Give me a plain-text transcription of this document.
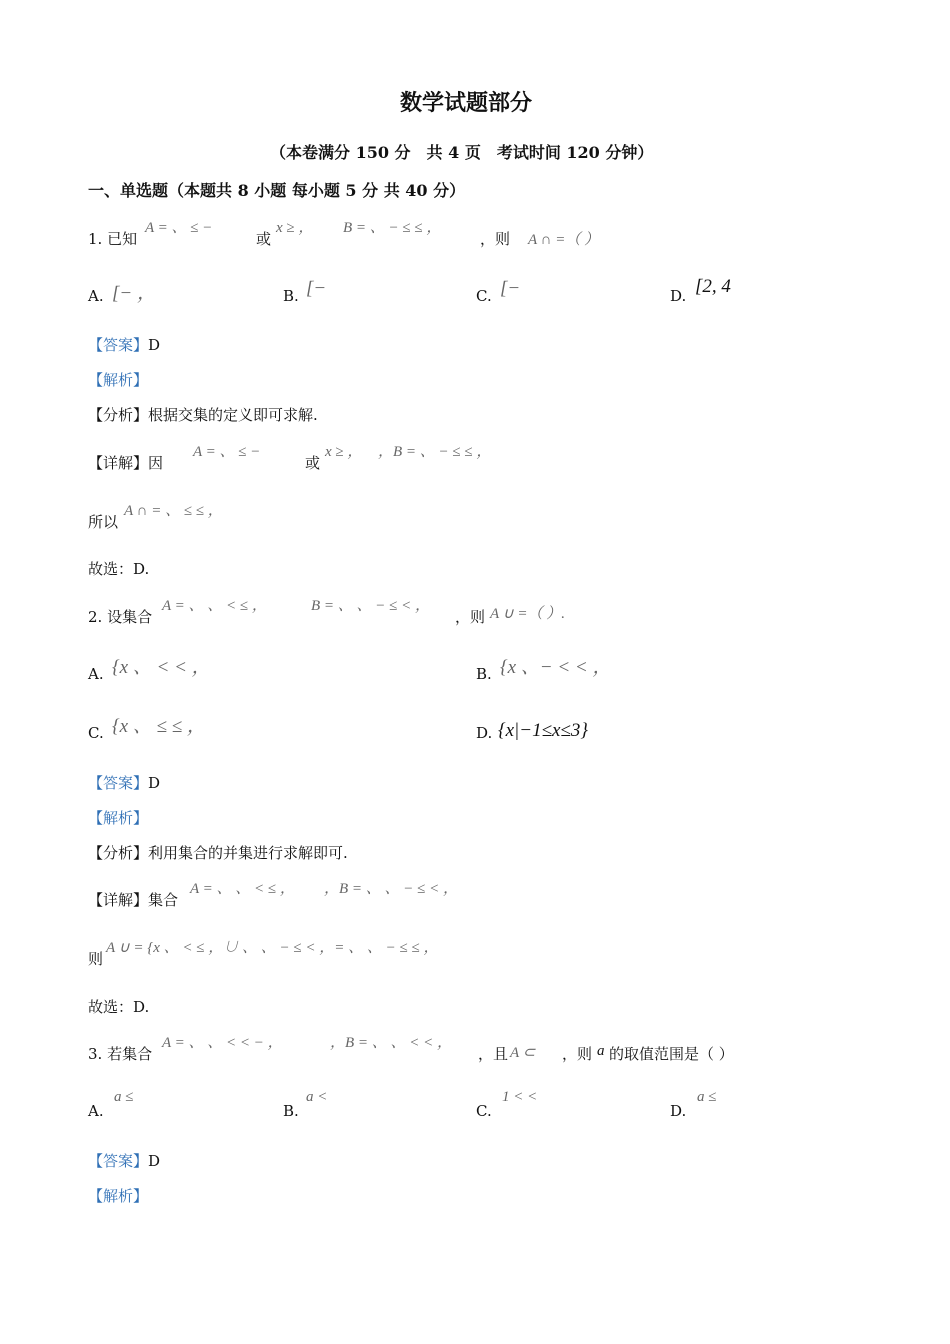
数学试题部分
（本卷满分 150 分　共 4 页　考试时间 120 分钟）
一、单选题（本题共 8 小题 每小题 5 分 共 40 分）
1. 已知
A = 、 ≤ −
或
x ≥ ， B = 、 − ≤ ≤ ，
，则 A ∩ =（ ）
A. [− ，	B. [−	C. [−	D. [2, 4
【答案】D
【解析】
【分析】根据交集的定义即可求解.
【详解】因
A = 、 ≤ −
或
x ≥ ， ，B = 、 − ≤ ≤ ，
所以
A ∩ = 、 ≤ ≤ ，
故选：D.
2. 设集合
A = 、 、 < ≤ ，	B = 、 、 − ≤ < ，
，则 A ∪ =（ ）.
A. {x 、 < < ，	B. {x 、− < < ，
C. {x 、 ≤ ≤ ，	D. {x|−1≤x≤3}
【答案】D
【解析】
【分析】利用集合的并集进行求解即可.
【详解】集合
A = 、 、 < ≤ ， ，B = 、 、 − ≤ < ，
则
A ∪ = {x 、 < ≤ ，∪ 、 、 − ≤ < ，= 、 、 − ≤ ≤ ，
故选：D.
3. 若集合
A = 、 、 < < − ，	，B = 、 、 < < ，
，且 A ⊂ ，则 a 的取值范围是（ ）
A.
a ≤
B.
a <
C.
1 < <
D.
a ≤
【答案】D
【解析】
